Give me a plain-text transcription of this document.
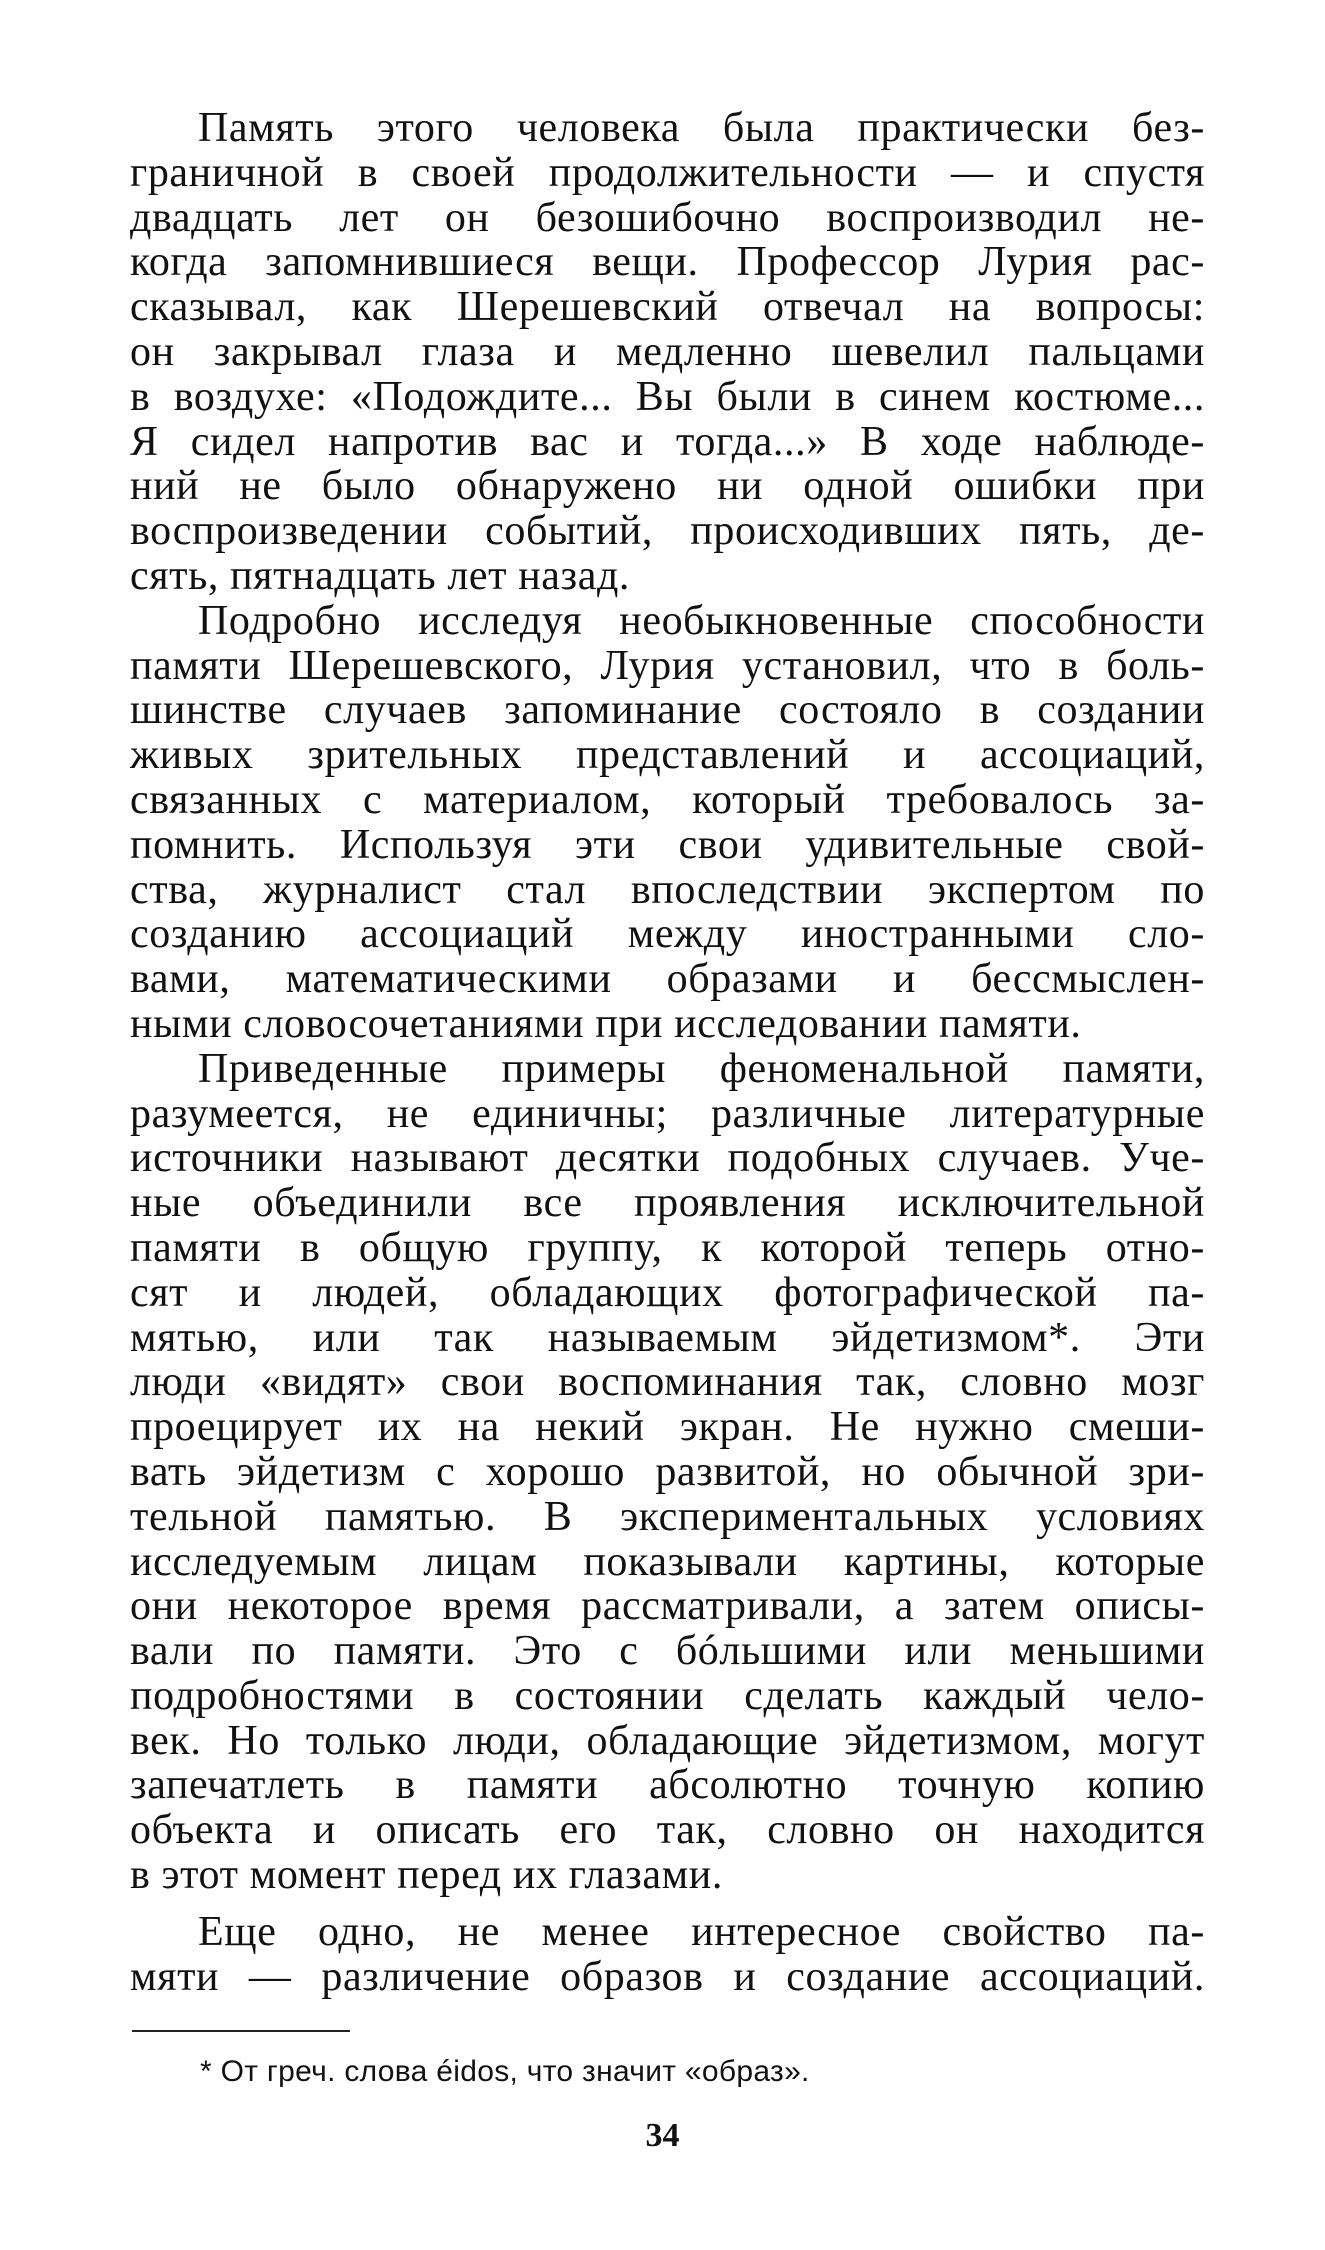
Память этого человека была практически без-
граничной в своей продолжительности — и спустя
двадцать лет он безошибочно воспроизводил не-
когда запомнившиеся вещи. Профессор Лурия рас-
сказывал, как Шерешевский отвечал на вопросы:
он закрывал глаза и медленно шевелил пальцами
в воздухе: «Подождите... Вы были в синем костюме...
Я сидел напротив вас и тогда...» В ходе наблюде-
ний не было обнаружено ни одной ошибки при
воспроизведении событий, происходивших пять, де-
сять, пятнадцать лет назад.
Подробно исследуя необыкновенные способности
памяти Шерешевского, Лурия установил, что в боль-
шинстве случаев запоминание состояло в создании
живых зрительных представлений и ассоциаций,
связанных с материалом, который требовалось за-
помнить. Используя эти свои удивительные свой-
ства, журналист стал впоследствии экспертом по
созданию ассоциаций между иностранными сло-
вами, математическими образами и бессмыслен-
ными словосочетаниями при исследовании памяти.
Приведенные примеры феноменальной памяти,
разумеется, не единичны; различные литературные
источники называют десятки подобных случаев. Уче-
ные объединили все проявления исключительной
памяти в общую группу, к которой теперь отно-
сят и людей, обладающих фотографической па-
мятью, или так называемым эйдетизмом*. Эти
люди «видят» свои воспоминания так, словно мозг
проецирует их на некий экран. Не нужно смеши-
вать эйдетизм с хорошо развитой, но обычной зри-
тельной памятью. В экспериментальных условиях
исследуемым лицам показывали картины, которые
они некоторое время рассматривали, а затем описы-
вали по памяти. Это с бóльшими или меньшими
подробностями в состоянии сделать каждый чело-
век. Но только люди, обладающие эйдетизмом, могут
запечатлеть в памяти абсолютно точную копию
объекта и описать его так, словно он находится
в этот момент перед их глазами.
Еще одно, не менее интересное свойство па-
мяти — различение образов и создание ассоциаций.
* От греч. слова éidos, что значит «образ».
34
